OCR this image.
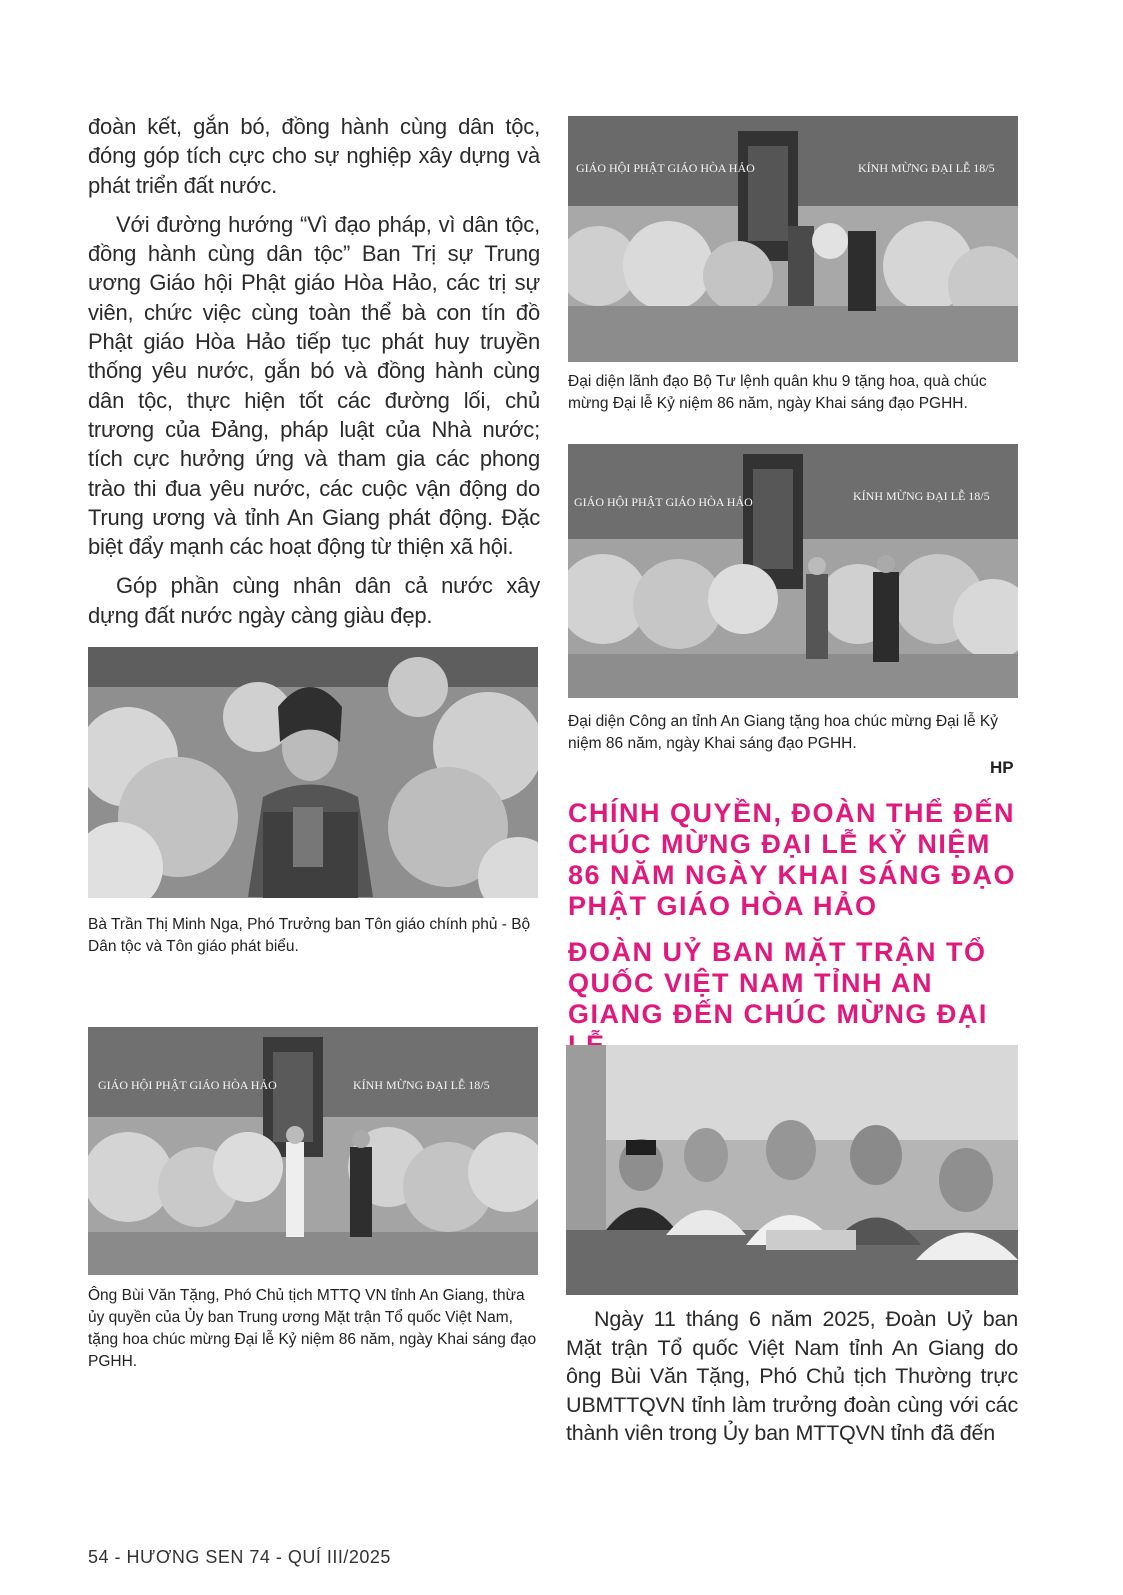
đoàn kết, gắn bó, đồng hành cùng dân tộc, đóng góp tích cực cho sự nghiệp xây dựng và phát triển đất nước.

Với đường hướng “Vì đạo pháp, vì dân tộc, đồng hành cùng dân tộc” Ban Trị sự Trung ương Giáo hội Phật giáo Hòa Hảo, các trị sự viên, chức việc cùng toàn thể bà con tín đồ Phật giáo Hòa Hảo tiếp tục phát huy truyền thống yêu nước, gắn bó và đồng hành cùng dân tộc, thực hiện tốt các đường lối, chủ trương của Đảng, pháp luật của Nhà nước; tích cực hưởng ứng và tham gia các phong trào thi đua yêu nước, các cuộc vận động do Trung ương và tỉnh An Giang phát động. Đặc biệt đẩy mạnh các hoạt động từ thiện xã hội.

Góp phần cùng nhân dân cả nước xây dựng đất nước ngày càng giàu đẹp.

Bà Trần Thị Minh Nga, Phó Trưởng ban Tôn giáo chính phủ - Bộ Dân tộc và Tôn giáo phát biểu.

GIÁO HỘI PHẬT GIÁO HÒA HẢO	KÍNH MỪNG ĐẠI LỄ 18/5

Ông Bùi Văn Tặng, Phó Chủ tịch MTTQ VN tỉnh An Giang, thừa ủy quyền của Ủy ban Trung ương Mặt trận Tổ quốc Việt Nam, tặng hoa chúc mừng Đại lễ Kỷ niệm 86 năm, ngày Khai sáng đạo PGHH.

GIÁO HỘI PHẬT GIÁO HÒA HẢO	KÍNH MỪNG ĐẠI LỄ 18/5

Đại diện lãnh đạo Bộ Tư lệnh quân khu 9 tặng hoa, quà chúc mừng Đại lễ Kỷ niệm 86 năm, ngày Khai sáng đạo PGHH.

GIÁO HỘI PHẬT GIÁO HÒA HẢO	KÍNH MỪNG ĐẠI LỄ 18/5

Đại diện Công an tỉnh An Giang tặng hoa chúc mừng Đại lễ Kỷ niệm 86 năm, ngày Khai sáng đạo PGHH.

HP

CHÍNH QUYỀN, ĐOÀN THỂ ĐẾN CHÚC MỪNG ĐẠI LỄ KỶ NIỆM 86 NĂM NGÀY KHAI SÁNG ĐẠO PHẬT GIÁO HÒA HẢO

ĐOÀN UỶ BAN MẶT TRẬN TỔ QUỐC VIỆT NAM TỈNH AN GIANG ĐẾN CHÚC MỪNG ĐẠI

Ngày 11 tháng 6 năm 2025, Đoàn Uỷ ban Mặt trận Tổ quốc Việt Nam tỉnh An Giang do ông Bùi Văn Tặng, Phó Chủ tịch Thường trực UBMTTQVN tỉnh làm trưởng đoàn cùng với các thành viên trong Ủy ban MTTQVN tỉnh đã đến

54 - HƯƠNG SEN 74 - QUÍ III/2025
